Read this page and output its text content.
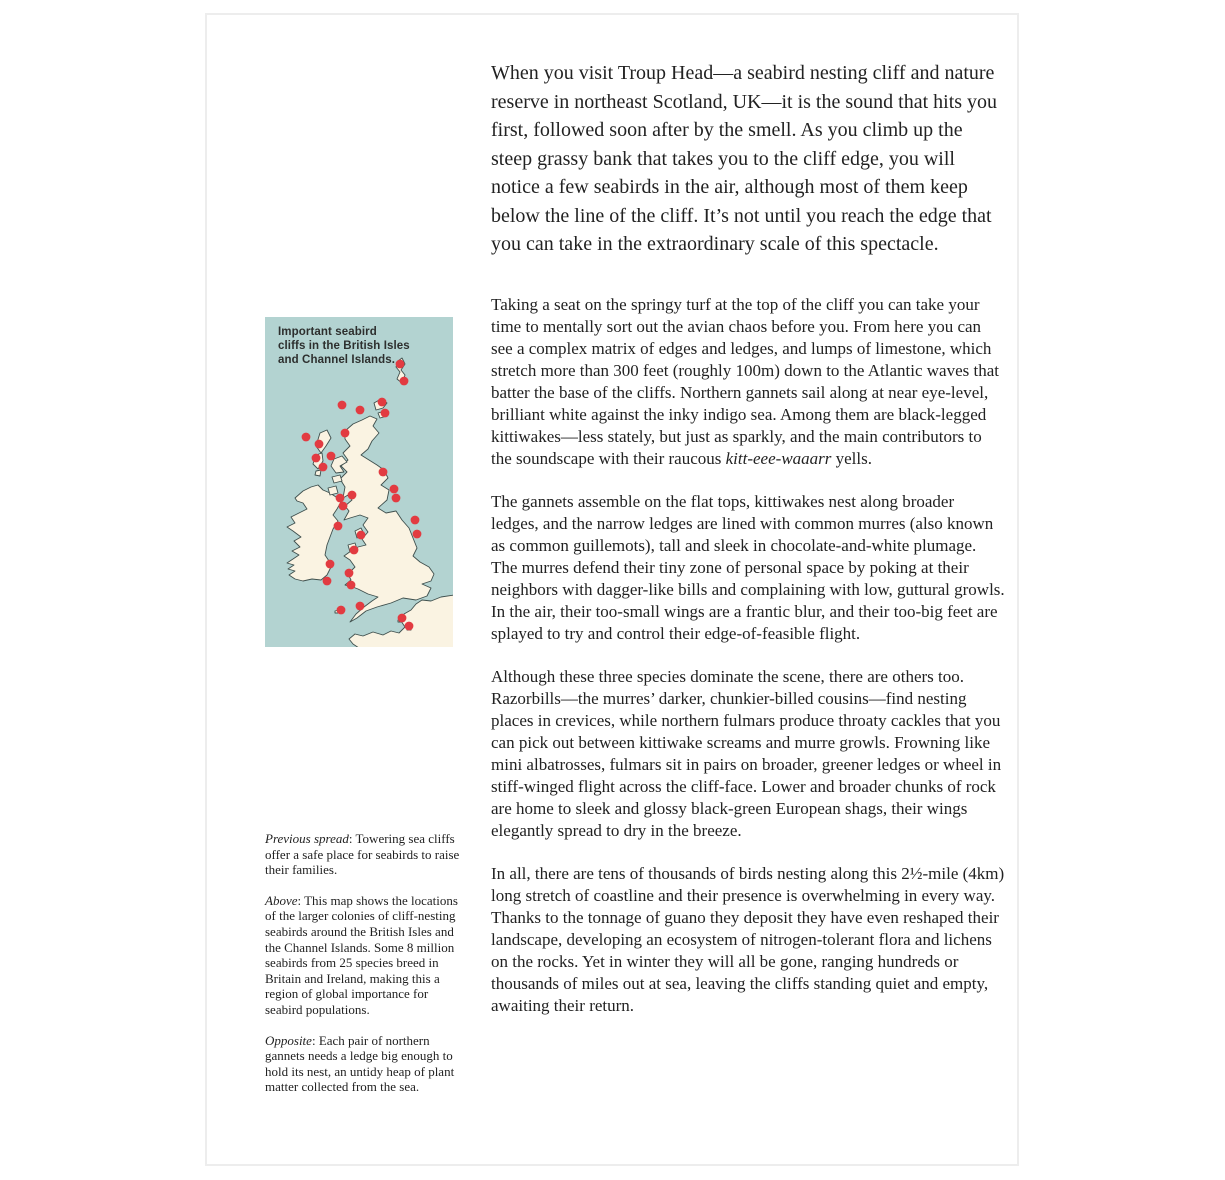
Important seabird
cliffs in the British Isles
and Channel Islands.

Previous spread: Towering sea cliffs offer a safe place for seabirds to raise their families.

Above: This map shows the locations of the larger colonies of cliff-nesting seabirds around the British Isles and the Channel Islands. Some 8 million seabirds from 25 species breed in Britain and Ireland, making this a region of global importance for seabird populations.

Opposite: Each pair of northern gannets needs a ledge big enough to hold its nest, an untidy heap of plant matter collected from the sea.

When you visit Troup Head—a seabird nesting cliff and nature reserve in northeast Scotland, UK—it is the sound that hits you first, followed soon after by the smell. As you climb up the steep grassy bank that takes you to the cliff edge, you will notice a few seabirds in the air, although most of them keep below the line of the cliff. It’s not until you reach the edge that you can take in the extraordinary scale of this spectacle.

Taking a seat on the springy turf at the top of the cliff you can take your time to mentally sort out the avian chaos before you. From here you can see a complex matrix of edges and ledges, and lumps of limestone, which stretch more than 300 feet (roughly 100m) down to the Atlantic waves that batter the base of the cliffs. Northern gannets sail along at near eye-level, brilliant white against the inky indigo sea. Among them are black-legged kittiwakes—less stately, but just as sparkly, and the main contributors to the soundscape with their raucous kitt-eee-waaarr yells.

The gannets assemble on the flat tops, kittiwakes nest along broader ledges, and the narrow ledges are lined with common murres (also known as common guillemots), tall and sleek in chocolate-and-white plumage. The murres defend their tiny zone of personal space by poking at their neighbors with dagger-like bills and complaining with low, guttural growls. In the air, their too-small wings are a frantic blur, and their too-big feet are splayed to try and control their edge-of-feasible flight.

Although these three species dominate the scene, there are others too. Razorbills—the murres’ darker, chunkier-billed cousins—find nesting places in crevices, while northern fulmars produce throaty cackles that you can pick out between kittiwake screams and murre growls. Frowning like mini albatrosses, fulmars sit in pairs on broader, greener ledges or wheel in stiff-winged flight across the cliff-face. Lower and broader chunks of rock are home to sleek and glossy black-green European shags, their wings elegantly spread to dry in the breeze.

In all, there are tens of thousands of birds nesting along this 2½-mile (4km) long stretch of coastline and their presence is overwhelming in every way. Thanks to the tonnage of guano they deposit they have even reshaped their landscape, developing an ecosystem of nitrogen-tolerant flora and lichens on the rocks. Yet in winter they will all be gone, ranging hundreds or thousands of miles out at sea, leaving the cliffs standing quiet and empty, awaiting their return.
